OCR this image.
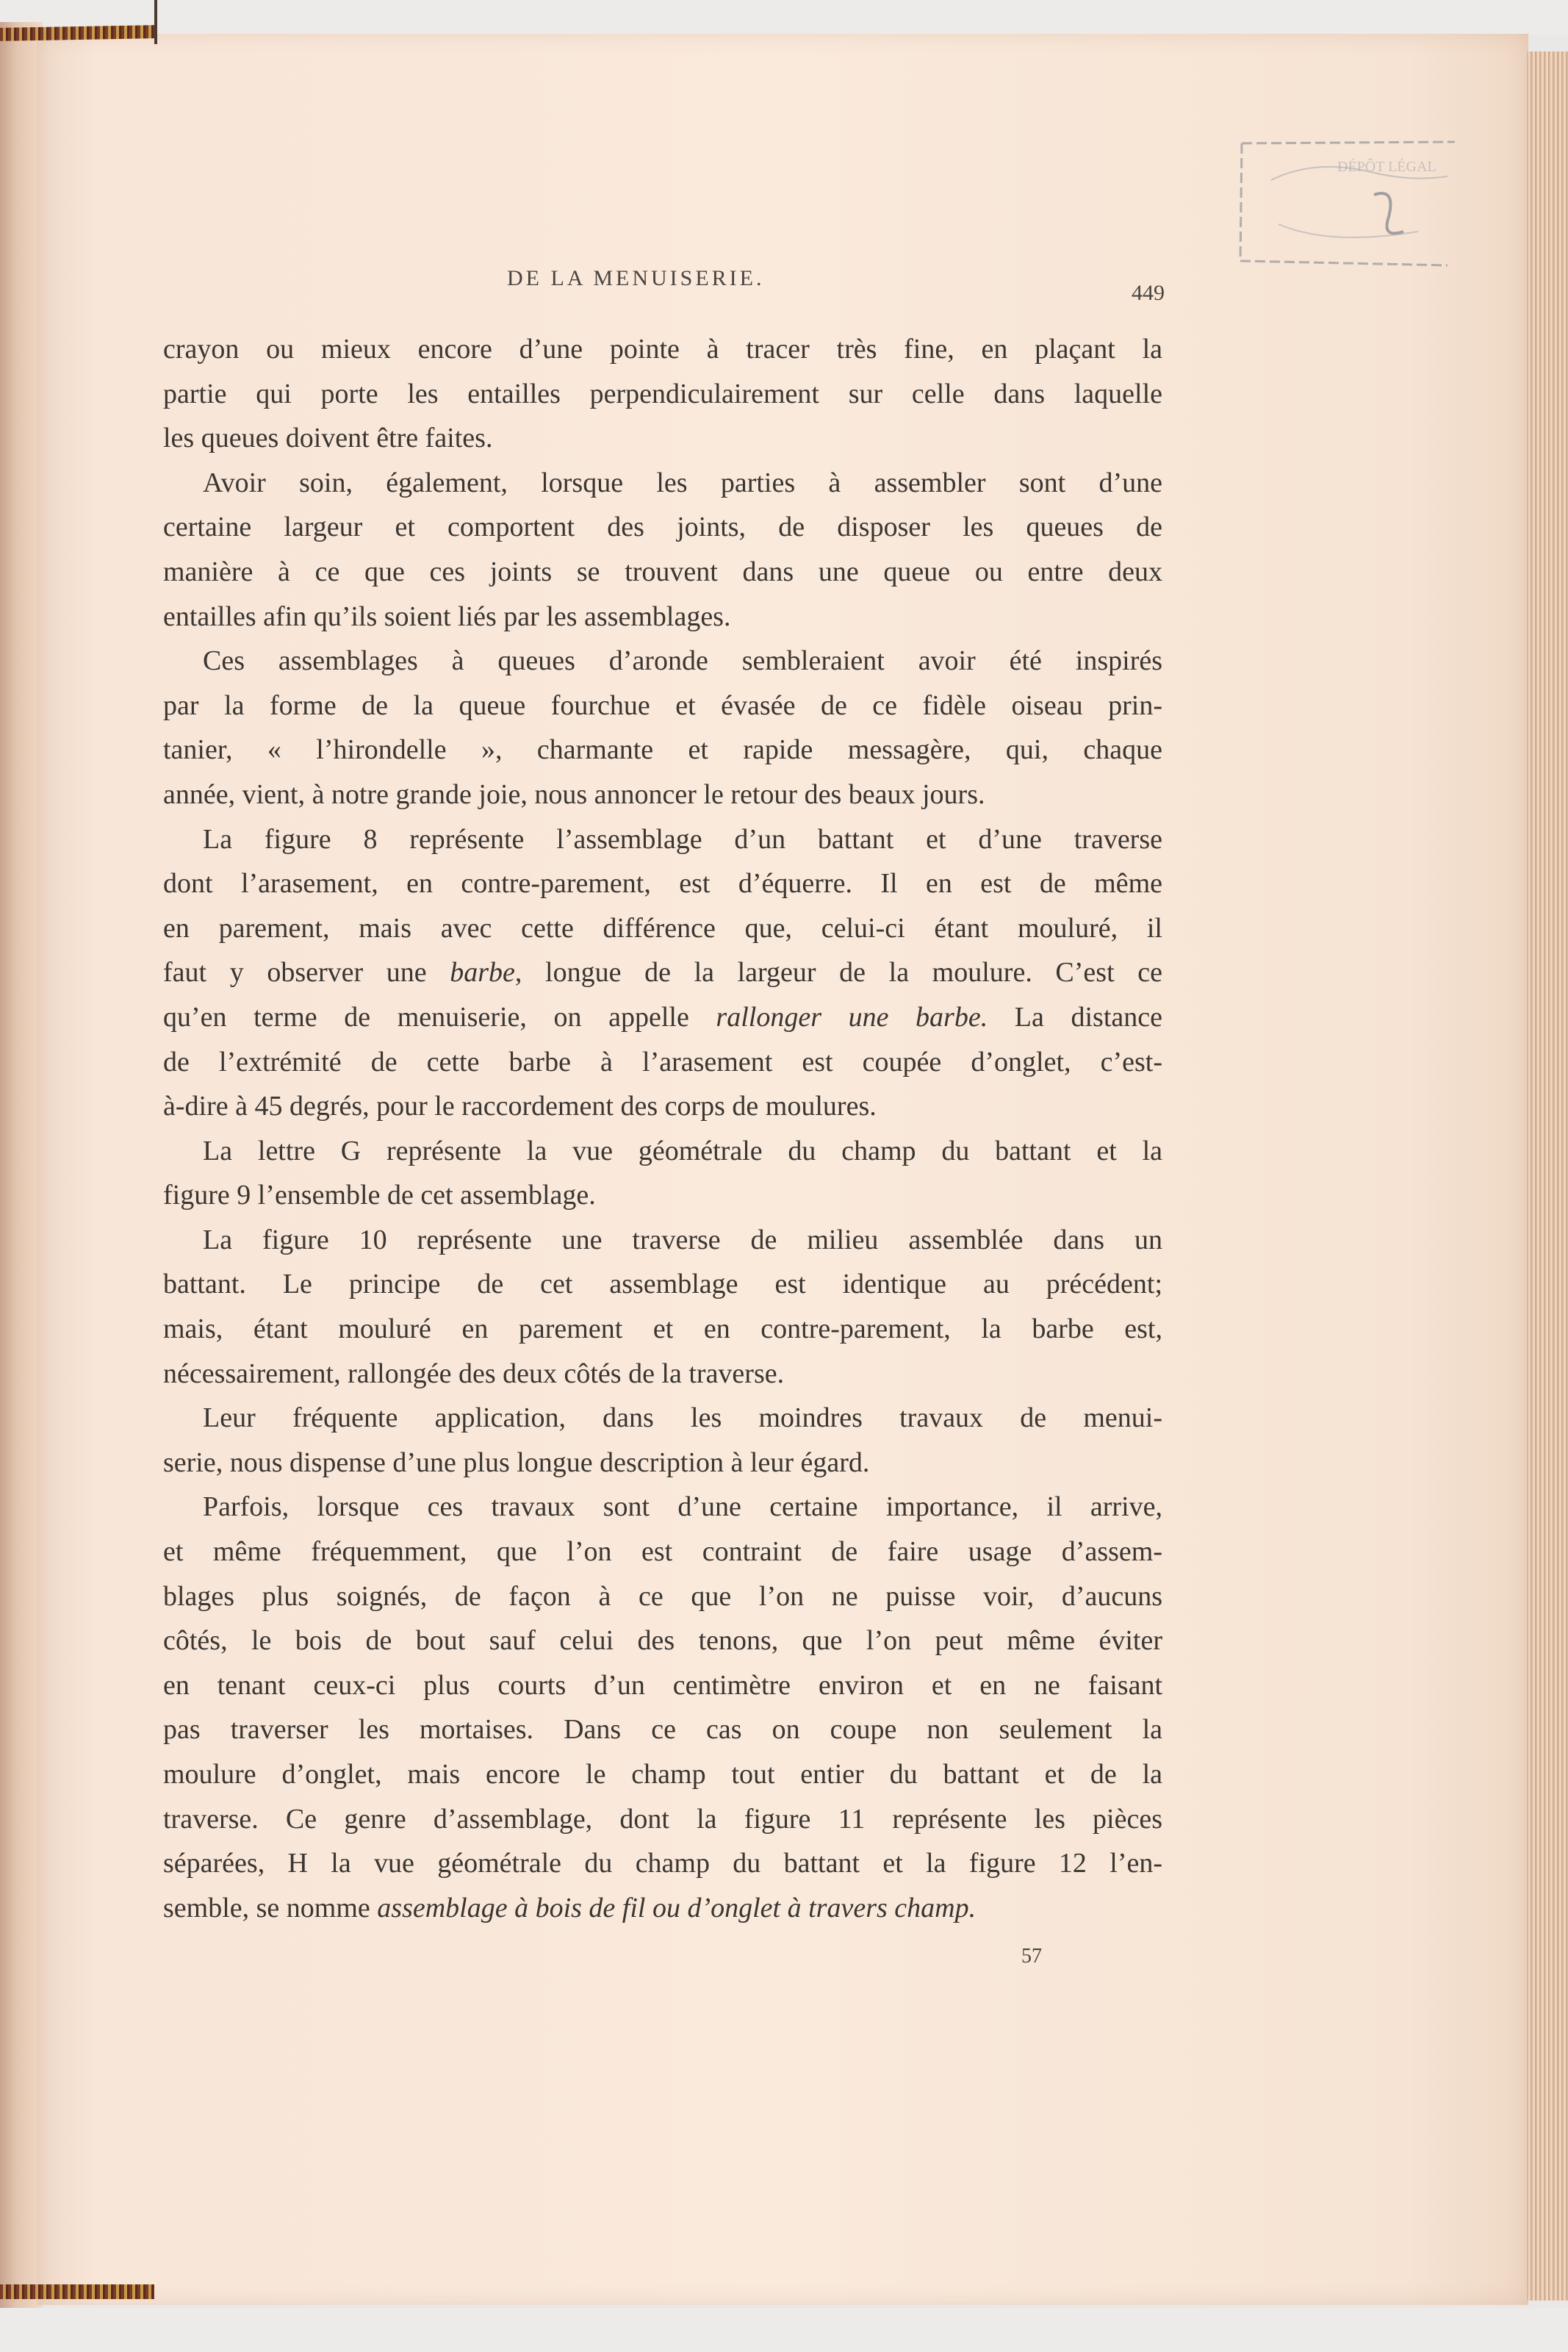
DÉPÔT LÉGAL
DE LA MENUISERIE.
449

crayon ou mieux encore d’une pointe à tracer très fine, en plaçant la
partie qui porte les entailles perpendiculairement sur celle dans laquelle
les queues doivent être faites.

Avoir soin, également, lorsque les parties à assembler sont d’une
certaine largeur et comportent des joints, de disposer les queues de
manière à ce que ces joints se trouvent dans une queue ou entre deux
entailles afin qu’ils soient liés par les assemblages.

Ces assemblages à queues d’aronde sembleraient avoir été inspirés
par la forme de la queue fourchue et évasée de ce fidèle oiseau prin-
tanier, « l’hirondelle », charmante et rapide messagère, qui, chaque
année, vient, à notre grande joie, nous annoncer le retour des beaux jours.

La figure 8 représente l’assemblage d’un battant et d’une traverse
dont l’arasement, en contre-parement, est d’équerre. Il en est de même
en parement, mais avec cette différence que, celui-ci étant mouluré, il
faut y observer une barbe, longue de la largeur de la moulure. C’est ce
qu’en terme de menuiserie, on appelle rallonger une barbe. La distance
de l’extrémité de cette barbe à l’arasement est coupée d’onglet, c’est-
à-dire à 45 degrés, pour le raccordement des corps de moulures.

La lettre G représente la vue géométrale du champ du battant et la
figure 9 l’ensemble de cet assemblage.

La figure 10 représente une traverse de milieu assemblée dans un
battant. Le principe de cet assemblage est identique au précédent;
mais, étant mouluré en parement et en contre-parement, la barbe est,
nécessairement, rallongée des deux côtés de la traverse.

Leur fréquente application, dans les moindres travaux de menui-
serie, nous dispense d’une plus longue description à leur égard.

Parfois, lorsque ces travaux sont d’une certaine importance, il arrive,
et même fréquemment, que l’on est contraint de faire usage d’assem-
blages plus soignés, de façon à ce que l’on ne puisse voir, d’aucuns
côtés, le bois de bout sauf celui des tenons, que l’on peut même éviter
en tenant ceux-ci plus courts d’un centimètre environ et en ne faisant
pas traverser les mortaises. Dans ce cas on coupe non seulement la
moulure d’onglet, mais encore le champ tout entier du battant et de la
traverse. Ce genre d’assemblage, dont la figure 11 représente les pièces
séparées, H la vue géométrale du champ du battant et la figure 12 l’en-
semble, se nomme assemblage à bois de fil ou d’onglet à travers champ.

57
